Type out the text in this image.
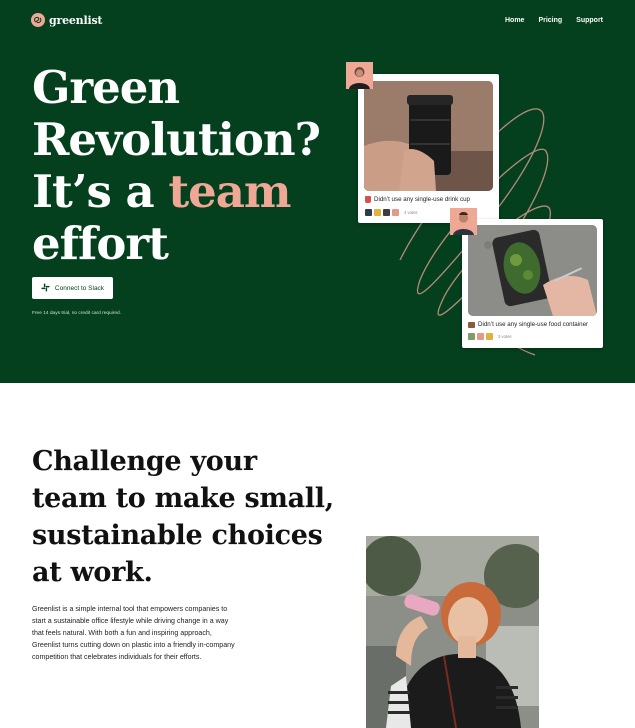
greenlist	Home Pricing Support
Green
Revolution?
It’s a team
effort
Connect to Slack
Free 14 days trial, no credit card required.
Didn’t use any single-use drink cup
4 votes
Didn’t use any single-use food container
3 votes
Challenge your
team to make small,
sustainable choices
at work.

Greenlist is a simple internal tool that empowers companies to start a sustainable office lifestyle while driving change in a way that feels natural. With both a fun and inspiring approach, Greenlist turns cutting down on plastic into a friendly in-company competition that celebrates individuals for their efforts.
